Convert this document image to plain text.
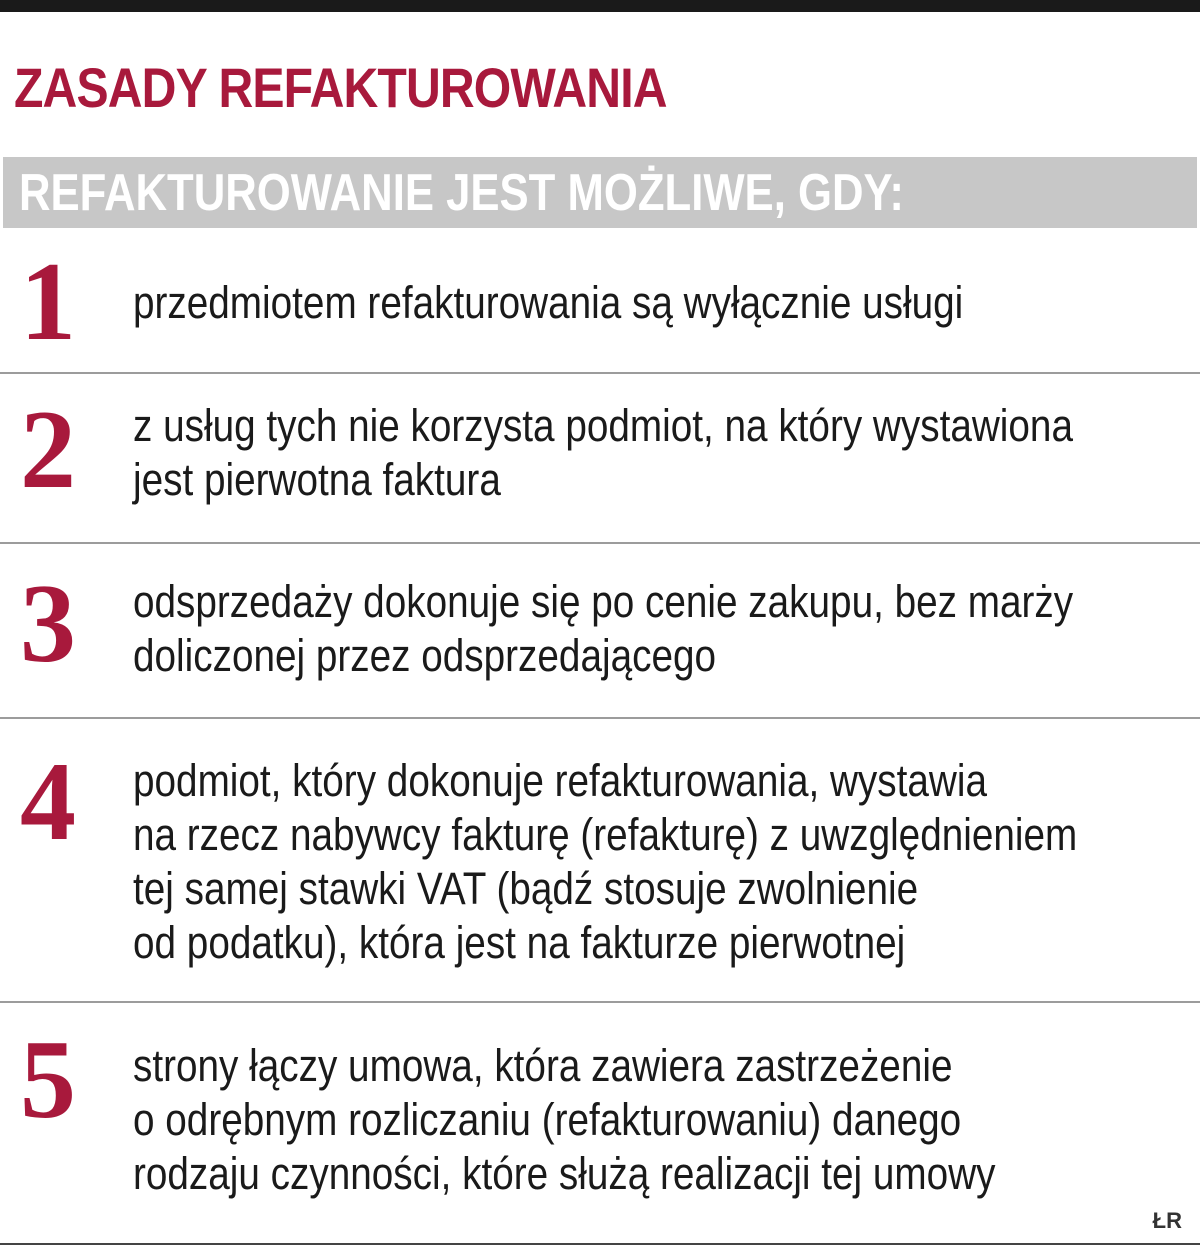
ZASADY REFAKTUROWANIA
REFAKTUROWANIE JEST MOŻLIWE, GDY:
1 przedmiotem refakturowania są wyłącznie usługi
2 z usług tych nie korzysta podmiot, na który wystawiona
jest pierwotna faktura
3 odsprzedaży dokonuje się po cenie zakupu, bez marży
doliczonej przez odsprzedającego
4 podmiot, który dokonuje refakturowania, wystawia
na rzecz nabywcy fakturę (refakturę) z uwzględnieniem
tej samej stawki VAT (bądź stosuje zwolnienie
od podatku), która jest na fakturze pierwotnej
5 strony łączy umowa, która zawiera zastrzeżenie
o odrębnym rozliczaniu (refakturowaniu) danego
rodzaju czynności, które służą realizacji tej umowy
ŁR
